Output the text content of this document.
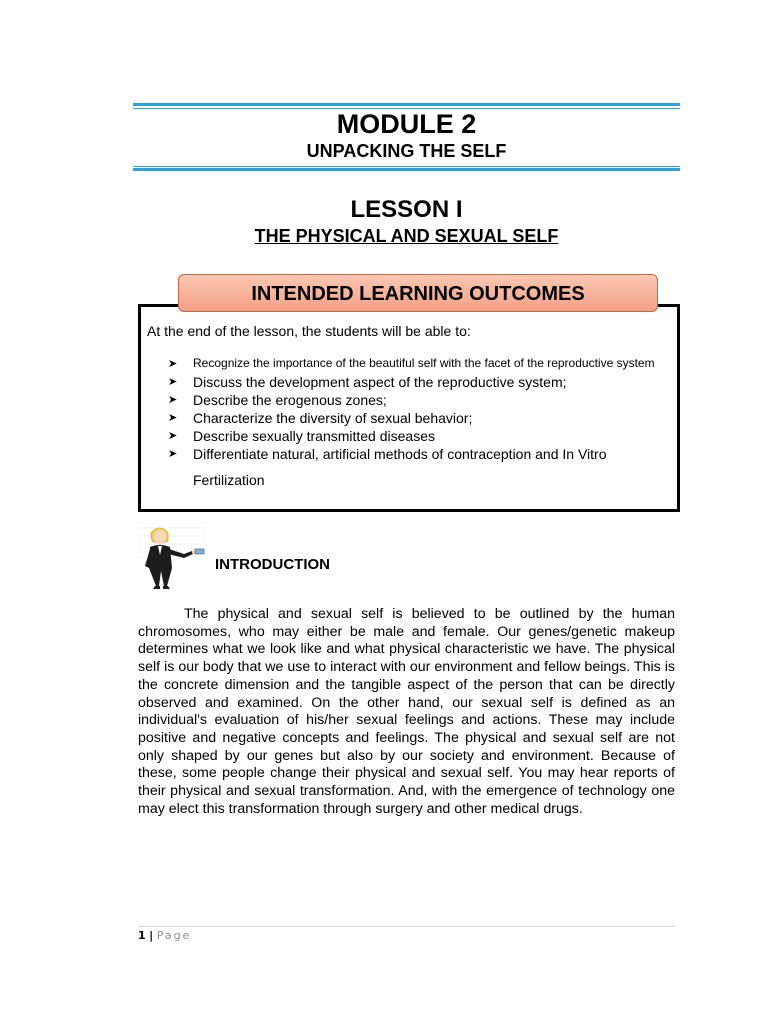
MODULE 2
UNPACKING THE SELF
LESSON I
THE PHYSICAL AND SEXUAL SELF
INTENDED LEARNING OUTCOMES
At the end of the lesson, the students will be able to:
➤ Recognize the importance of the beautiful self with the facet of the reproductive system
➤ Discuss the development aspect of the reproductive system;
➤ Describe the erogenous zones;
➤ Characterize the diversity of sexual behavior;
➤ Describe sexually transmitted diseases
➤ Differentiate natural, artificial methods of contraception and In Vitro
Fertilization
INTRODUCTION

The physical and sexual self is believed to be outlined by the human chromosomes, who may either be male and female. Our genes/genetic makeup determines what we look like and what physical characteristic we have. The physical self is our body that we use to interact with our environment and fellow beings. This is the concrete dimension and the tangible aspect of the person that can be directly observed and examined. On the other hand, our sexual self is defined as an individual's evaluation of his/her sexual feelings and actions. These may include positive and negative concepts and feelings. The physical and sexual self are not only shaped by our genes but also by our society and environment. Because of these, some people change their physical and sexual self. You may hear reports of their physical and sexual transformation. And, with the emergence of technology one may elect this transformation through surgery and other medical drugs.

1 | Page
